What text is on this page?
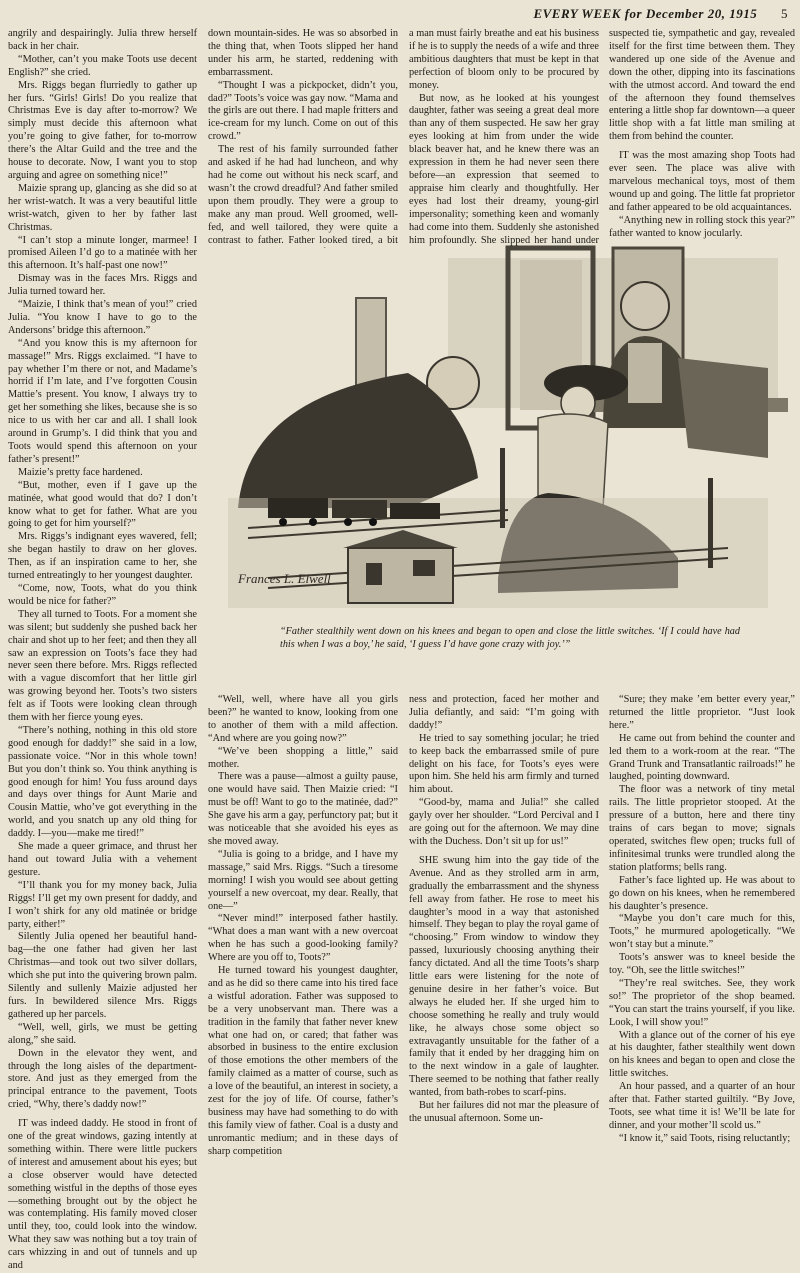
EVERY WEEK for December 20, 1915 5

angrily and despairingly. Julia threw herself back in her chair.

“Mother, can’t you make Toots use decent English?” she cried.

Mrs. Riggs began flurriedly to gather up her furs. “Girls! Girls! Do you realize that Christmas Eve is day after to-morrow? We simply must decide this afternoon what you’re going to give father, for to-morrow there’s the Altar Guild and the tree and the house to decorate. Now, I want you to stop arguing and agree on something nice!”

Maizie sprang up, glancing as she did so at her wrist-watch. It was a very beautiful little wrist-watch, given to her by father last Christmas.

“I can’t stop a minute longer, marmee! I promised Aileen I’d go to a matinée with her this afternoon. It’s half-past one now!”

Dismay was in the faces Mrs. Riggs and Julia turned toward her.

“Maizie, I think that’s mean of you!” cried Julia. “You know I have to go to the Andersons’ bridge this afternoon.”

“And you know this is my afternoon for massage!” Mrs. Riggs exclaimed. “I have to pay whether I’m there or not, and Madame’s horrid if I’m late, and I’ve forgotten Cousin Mattie’s present. You know, I always try to get her something she likes, because she is so nice to us with her car and all. I shall look around in Grump’s. I did think that you and Toots would spend this afternoon on your father’s present!”

Maizie’s pretty face hardened.

“But, mother, even if I gave up the matinée, what good would that do? I don’t know what to get for father. What are you going to get for him yourself?”

Mrs. Riggs’s indignant eyes wavered, fell; she began hastily to draw on her gloves. Then, as if an inspiration came to her, she turned entreatingly to her youngest daughter.

“Come, now, Toots, what do you think would be nice for father?”

They all turned to Toots. For a moment she was silent; but suddenly she pushed back her chair and shot up to her feet; and then they all saw an expression on Toots’s face they had never seen there before. Mrs. Riggs reflected with a vague discomfort that her little girl was growing beyond her. Toots’s two sisters felt as if Toots were looking clean through them with her fierce young eyes.

“There’s nothing, nothing in this old store good enough for daddy!” she said in a low, passionate voice. “Nor in this whole town! But you don’t think so. You think anything is good enough for him! You fuss around days and days over things for Aunt Marie and Cousin Mattie, who’ve got everything in the world, and you snatch up any old thing for daddy. I—you—make me tired!”

She made a queer grimace, and thrust her hand out toward Julia with a vehement gesture.

“I’ll thank you for my money back, Julia Riggs! I’ll get my own present for daddy, and I won’t shirk for any old matinée or bridge party, either!”

Silently Julia opened her beautiful hand-bag—the one father had given her last Christmas—and took out two silver dollars, which she put into the quivering brown palm. Silently and sullenly Maizie adjusted her furs. In bewildered silence Mrs. Riggs gathered up her parcels.

“Well, well, girls, we must be getting along,” she said.

Down in the elevator they went, and through the long aisles of the department-store. And just as they emerged from the principal entrance to the pavement, Toots cried, “Why, there’s daddy now!”

IT was indeed daddy. He stood in front of one of the great windows, gazing intently at something within. There were little puckers of interest and amusement about his eyes; but a close observer would have detected something wistful in the depths of those eyes—something brought out by the object he was contemplating. His family moved closer until they, too, could look into the window. What they saw was nothing but a toy train of cars whizzing in and out of tunnels and up and

down mountain-sides. He was so absorbed in the thing that, when Toots slipped her hand under his arm, he started, reddening with embarrassment.

“Thought I was a pickpocket, didn’t you, dad?” Toots’s voice was gay now. “Mama and the girls are out there. I had maple fritters and ice-cream for my lunch. Come on out of this crowd.”

The rest of his family surrounded father and asked if he had had luncheon, and why had he come out without his neck scarf, and wasn’t the crowd dreadful? And father smiled upon them proudly. They were a group to make any man proud. Well groomed, well-fed, and well tailored, they were quite a contrast to father. Father looked tired, a bit

a man must fairly breathe and eat his business if he is to supply the needs of a wife and three ambitious daughters that must be kept in that perfection of bloom only to be procured by money.

But now, as he looked at his youngest daughter, father was seeing a great deal more than any of them suspected. He saw her gray eyes looking at him from under the wide black beaver hat, and he knew there was an expression in them he had never seen there before—an expression that seemed to appraise him clearly and thoughtfully. Her eyes had lost their dreamy, young-girl impersonality; something keen and womanly had come into them. Suddenly she astonished him profoundly. She slipped her hand under

suspected tie, sympathetic and gay, revealed itself for the first time between them. They wandered up one side of the Avenue and down the other, dipping into its fascinations with the utmost accord. And toward the end of the afternoon they found themselves entering a little shop far downtown—a queer little shop with a fat little man smiling at them from behind the counter.

IT was the most amazing shop Toots had ever seen. The place was alive with marvelous mechanical toys, most of them wound up and going. The little fat proprietor and father appeared to be old acquaintances.

“Anything new in rolling stock this year?” father wanted to know jocularly.

Frances L. Elwell
“Father stealthily went down on his knees and began to open and close the little switches. ‘If I could have had this when I was a boy,’ he said, ‘I guess I’d have gone crazy with joy.’”

“Well, well, where have all you girls been?” he wanted to know, looking from one to another of them with a mild affection. “And where are you going now?”

“We’ve been shopping a little,” said mother.

There was a pause—almost a guilty pause, one would have said. Then Maizie cried: “I must be off! Want to go to the matinée, dad?” She gave his arm a gay, perfunctory pat; but it was noticeable that she avoided his eyes as she moved away.

“Julia is going to a bridge, and I have my massage,” said Mrs. Riggs. “Such a tiresome morning! I wish you would see about getting yourself a new overcoat, my dear. Really, that one—”

“Never mind!” interposed father hastily. “What does a man want with a new overcoat when he has such a good-looking family? Where are you off to, Toots?”

He turned toward his youngest daughter, and as he did so there came into his tired face a wistful adoration. Father was supposed to be a very unobservant man. There was a tradition in the family that father never knew what one had on, or cared; that father was absorbed in business to the entire exclusion of those emotions the other members of the family claimed as a matter of course, such as a love of the beautiful, an interest in society, a zest for the joy of life. Of course, father’s business may have had something to do with this family view of father. Coal is a dusty and unromantic medium; and in these days of sharp competition

ness and protection, faced her mother and Julia defiantly, and said: “I’m going with daddy!”

He tried to say something jocular; he tried to keep back the embarrassed smile of pure delight on his face, for Toots’s eyes were upon him. She held his arm firmly and turned him about.

“Good-by, mama and Julia!” she called gayly over her shoulder. “Lord Percival and I are going out for the afternoon. We may dine with the Duchess. Don’t sit up for us!”

SHE swung him into the gay tide of the Avenue. And as they strolled arm in arm, gradually the embarrassment and the shyness fell away from father. He rose to meet his daughter’s mood in a way that astonished himself. They began to play the royal game of “choosing.” From window to window they passed, luxuriously choosing anything their fancy dictated. And all the time Toots’s sharp little ears were listening for the note of genuine desire in her father’s voice. But always he eluded her. If she urged him to choose something he really and truly would like, he always chose some object so extravagantly unsuitable for the father of a family that it ended by her dragging him on to the next window in a gale of laughter. There seemed to be nothing that father really wanted, from bath-robes to scarf-pins.

But her failures did not mar the pleasure of the unusual afternoon. Some un-

“Sure; they make ’em better every year,” returned the little proprietor. “Just look here.”

He came out from behind the counter and led them to a work-room at the rear. “The Grand Trunk and Transatlantic railroads!” he laughed, pointing downward.

The floor was a network of tiny metal rails. The little proprietor stooped. At the pressure of a button, here and there tiny trains of cars began to move; signals operated, switches flew open; trucks full of infinitesimal trunks were trundled along the station platforms; bells rang.

Father’s face lighted up. He was about to go down on his knees, when he remembered his daughter’s presence.

“Maybe you don’t care much for this, Toots,” he murmured apologetically. “We won’t stay but a minute.”

Toots’s answer was to kneel beside the toy. “Oh, see the little switches!”

“They’re real switches. See, they work so!” The proprietor of the shop beamed. “You can start the trains yourself, if you like. Look, I will show you!”

With a glance out of the corner of his eye at his daughter, father stealthily went down on his knees and began to open and close the little switches.

An hour passed, and a quarter of an hour after that. Father started guiltily. “By Jove, Toots, see what time it is! We’ll be late for dinner, and your mother’ll scold us.”

“I know it,” said Toots, rising reluctantly;
